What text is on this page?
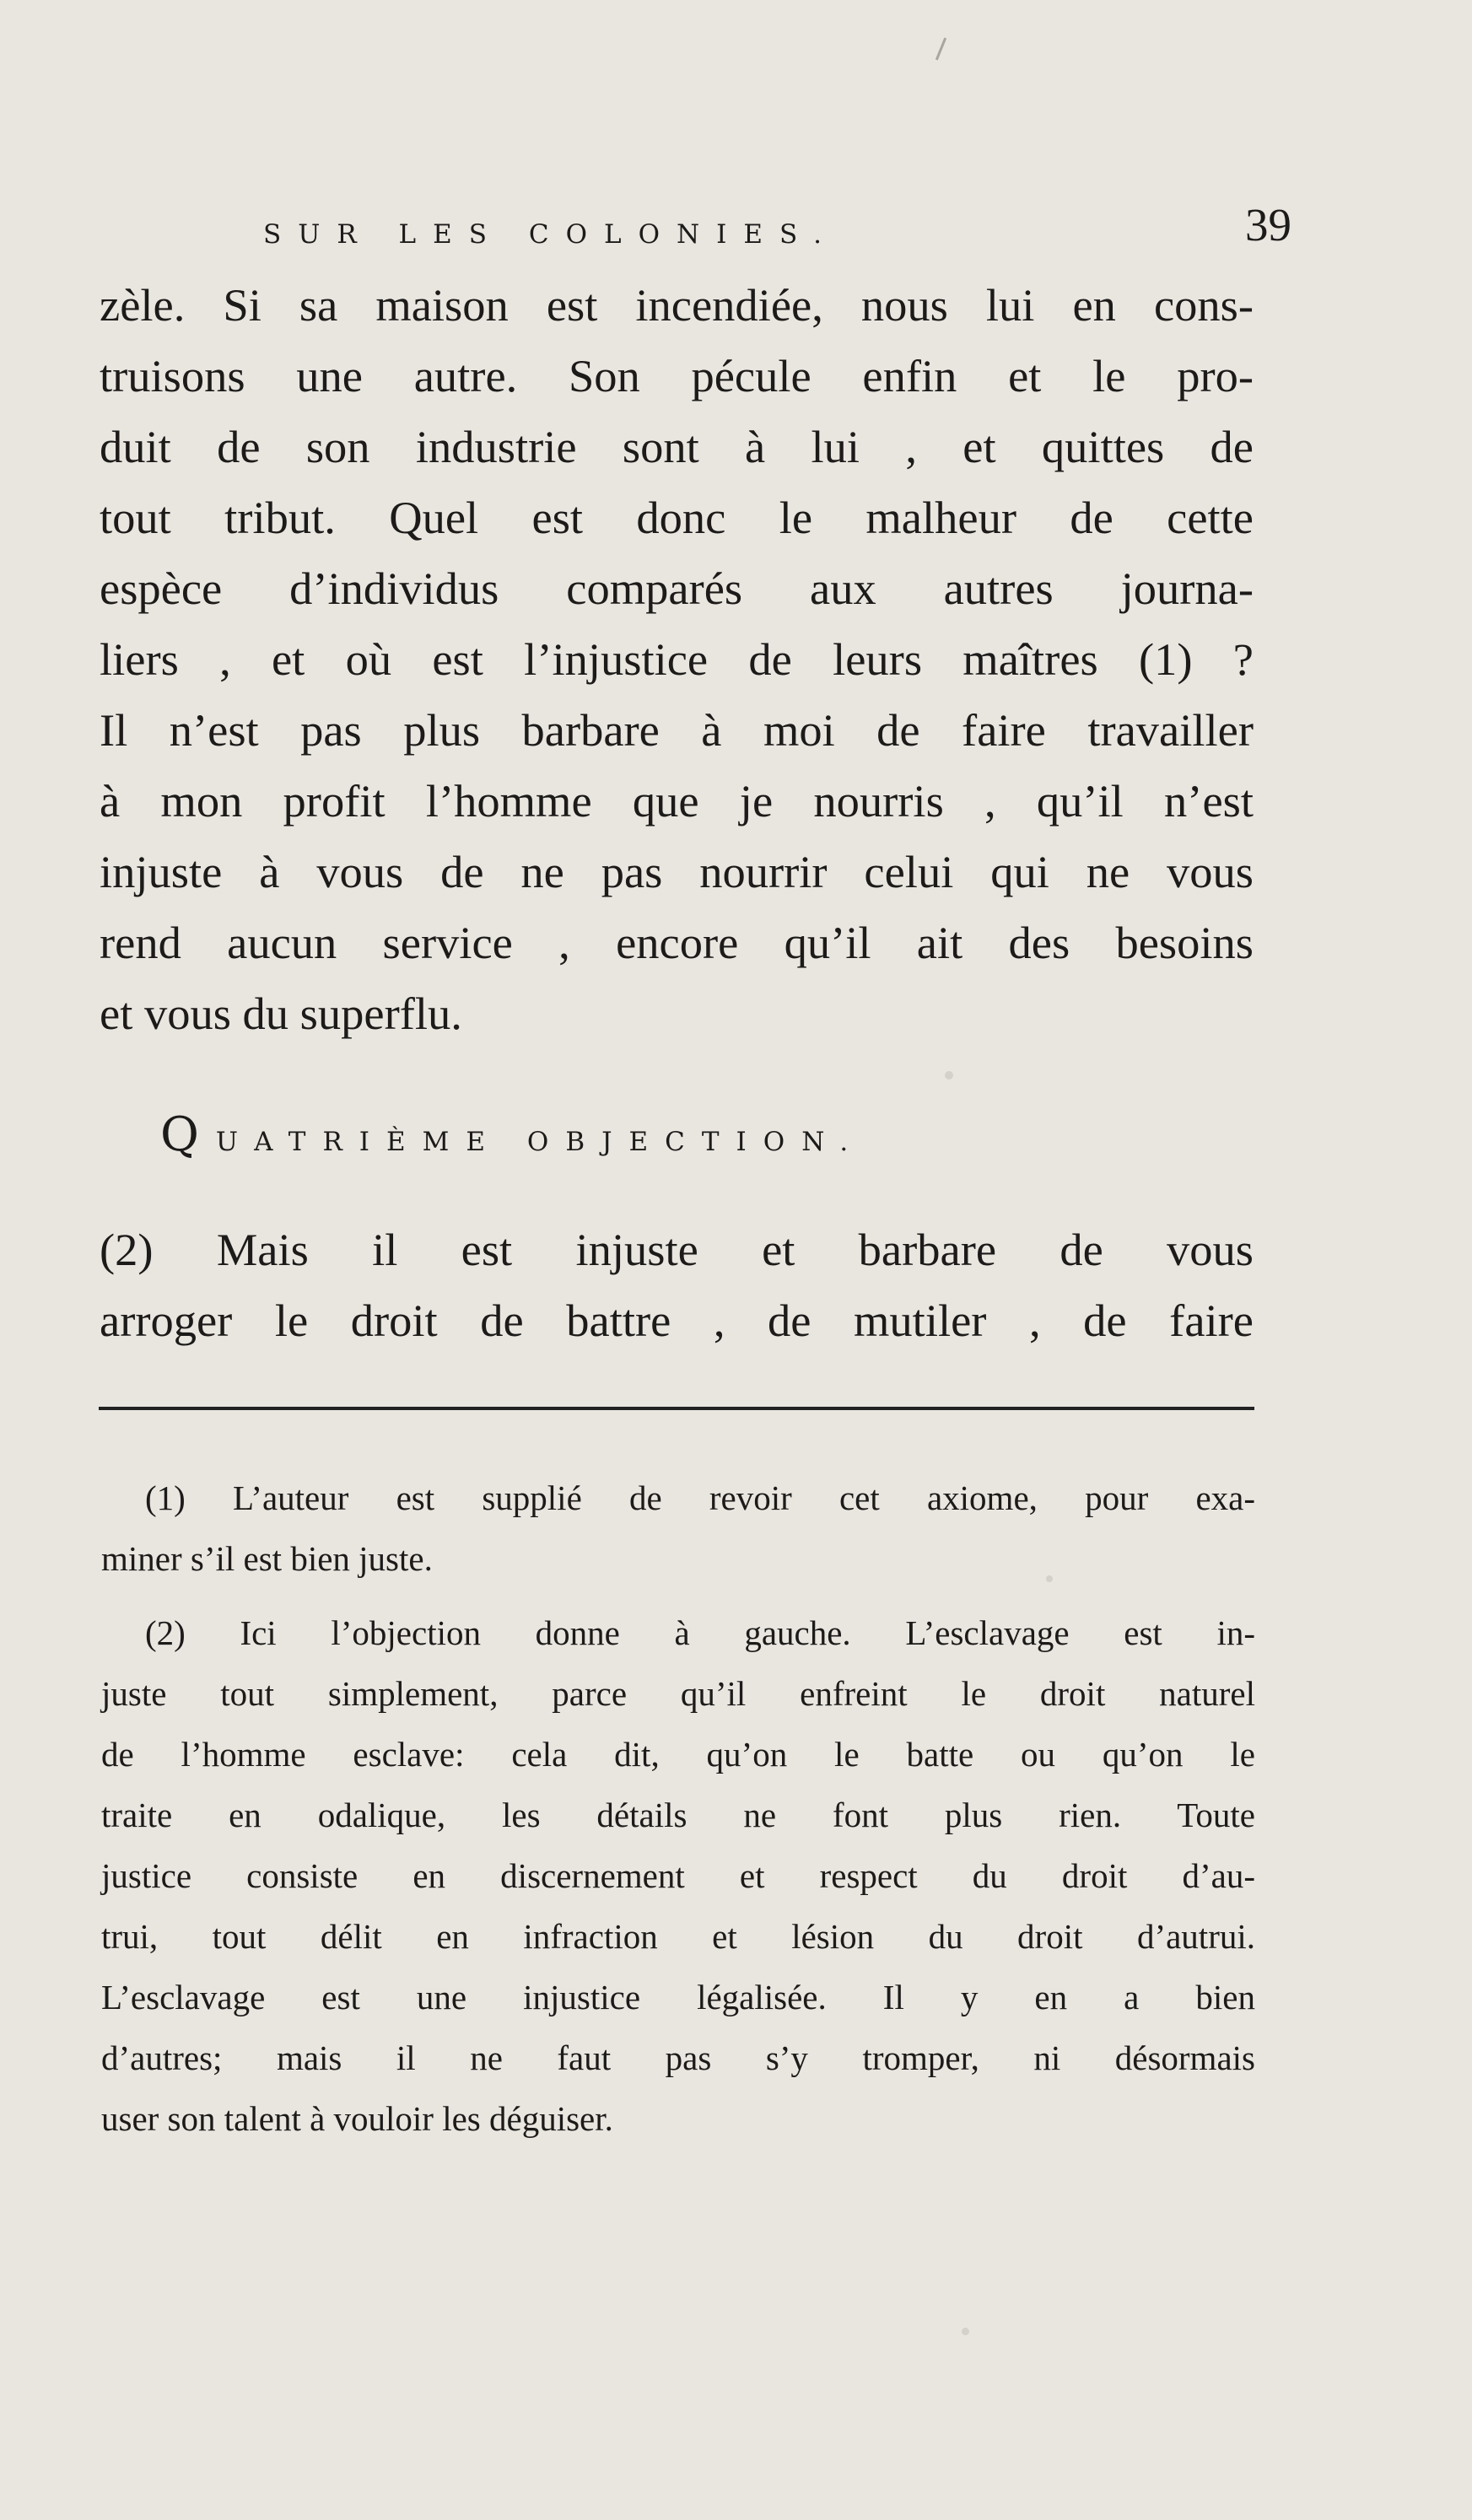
SUR LES COLONIES.	39
zèle. Si sa maison est incendiée, nous lui en cons-
truisons une autre. Son pécule enfin et le pro-
duit de son industrie sont à lui , et quittes de
tout tribut. Quel est donc le malheur de cette
espèce d’individus comparés aux autres journa-
liers , et où est l’injustice de leurs maîtres (1) ?
Il n’est pas plus barbare à moi de faire travailler
à mon profit l’homme que je nourris , qu’il n’est
injuste à vous de ne pas nourrir celui qui ne vous
rend aucun service , encore qu’il ait des besoins
et vous du superflu.
QUATRIÈME OBJECTION.
(2) Mais il est injuste et barbare de vous
arroger le droit de battre , de mutiler , de faire
(1) L’auteur est supplié de revoir cet axiome, pour exa-
miner s’il est bien juste.
(2) Ici l’objection donne à gauche. L’esclavage est in-
juste tout simplement, parce qu’il enfreint le droit naturel
de l’homme esclave: cela dit, qu’on le batte ou qu’on le
traite en odalique, les détails ne font plus rien. Toute
justice consiste en discernement et respect du droit d’au-
trui, tout délit en infraction et lésion du droit d’autrui.
L’esclavage est une injustice légalisée. Il y en a bien
d’autres; mais il ne faut pas s’y tromper, ni désormais
user son talent à vouloir les déguiser.
